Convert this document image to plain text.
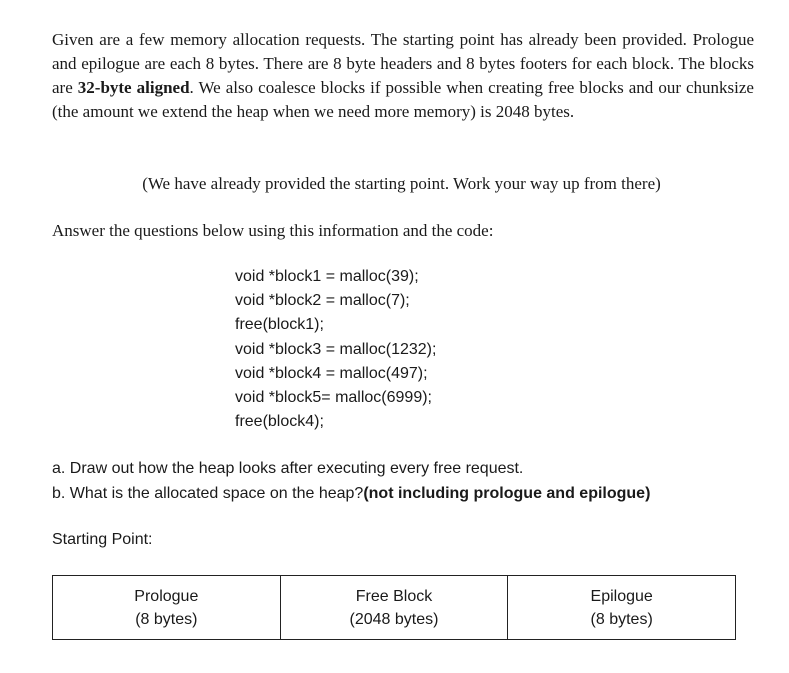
Given are a few memory allocation requests. The starting point has already been provided. Prologue and epilogue are each 8 bytes. There are 8 byte headers and 8 bytes footers for each block. The blocks are 32-byte aligned. We also coalesce blocks if possible when creating free blocks and our chunksize (the amount we extend the heap when we need more memory) is 2048 bytes.
(We have already provided the starting point. Work your way up from there)
Answer the questions below using this information and the code:
void *block1 = malloc(39);
void *block2 = malloc(7);
free(block1);
void *block3 = malloc(1232);
void *block4 = malloc(497);
void *block5= malloc(6999);
free(block4);
a. Draw out how the heap looks after executing every free request.
b. What is the allocated space on the heap?(not including prologue and epilogue)
Starting Point:
Prologue
(8 bytes)

Free Block
(2048 bytes)

Epilogue
(8 bytes)
